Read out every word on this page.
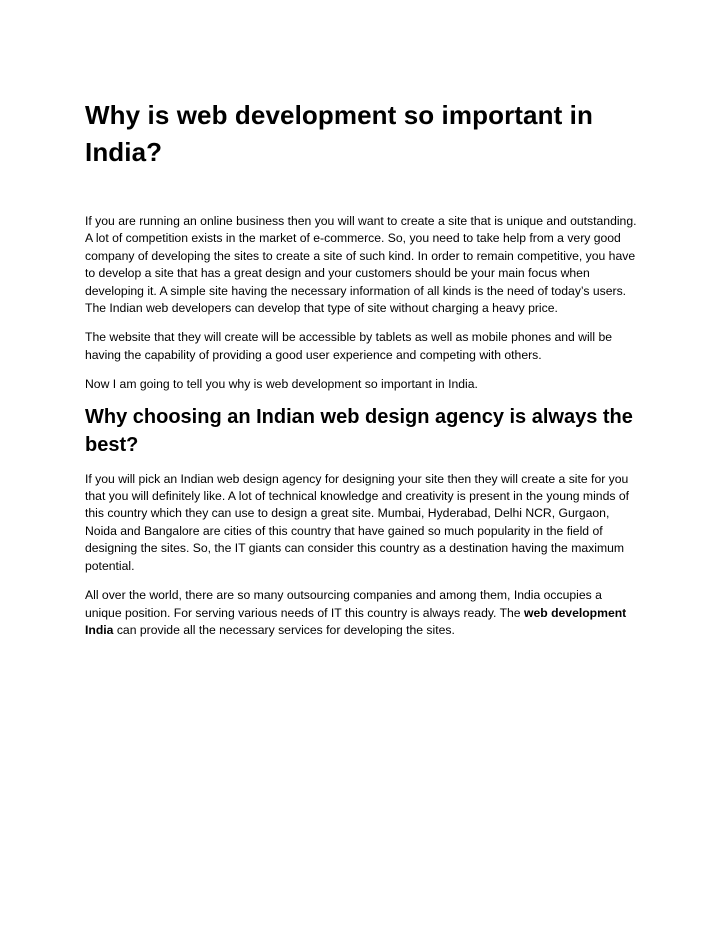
Why is web development so important in India?

If you are running an online business then you will want to create a site that is unique and outstanding. A lot of competition exists in the market of e-commerce. So, you need to take help from a very good company of developing the sites to create a site of such kind. In order to remain competitive, you have to develop a site that has a great design and your customers should be your main focus when developing it. A simple site having the necessary information of all kinds is the need of today’s users. The Indian web developers can develop that type of site without charging a heavy price.

The website that they will create will be accessible by tablets as well as mobile phones and will be having the capability of providing a good user experience and competing with others.

Now I am going to tell you why is web development so important in India.

Why choosing an Indian web design agency is always the best?

If you will pick an Indian web design agency for designing your site then they will create a site for you that you will definitely like. A lot of technical knowledge and creativity is present in the young minds of this country which they can use to design a great site. Mumbai, Hyderabad, Delhi NCR, Gurgaon, Noida and Bangalore are cities of this country that have gained so much popularity in the field of designing the sites. So, the IT giants can consider this country as a destination having the maximum potential.

All over the world, there are so many outsourcing companies and among them, India occupies a unique position. For serving various needs of IT this country is always ready. The web development India can provide all the necessary services for developing the sites.
